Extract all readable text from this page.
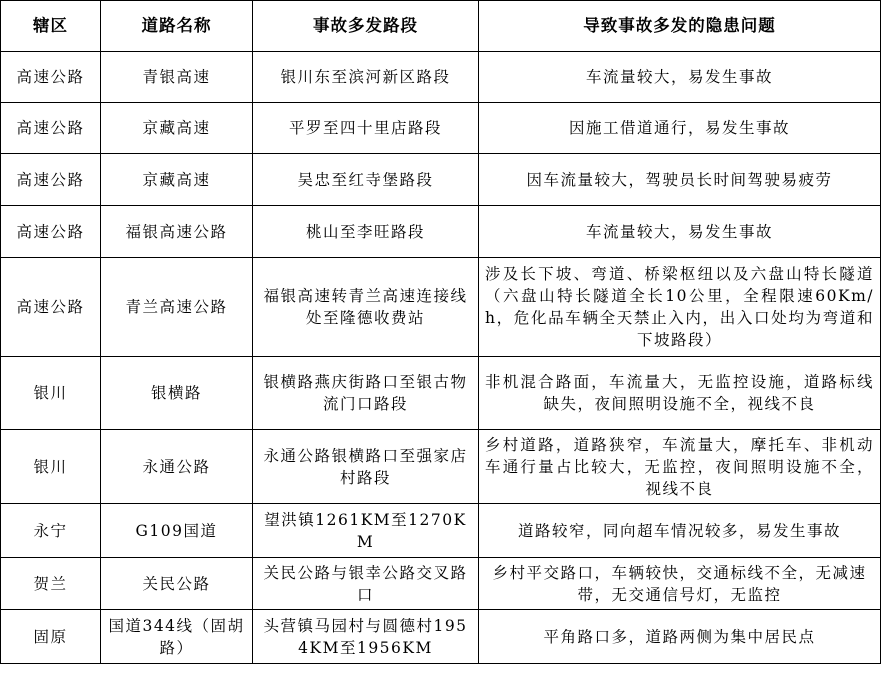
辖区	道路名称	事故多发路段	导致事故多发的隐患问题
高速公路	青银高速	银川东至滨河新区路段	车流量较大，易发生事故
高速公路	京藏高速	平罗至四十里店路段	因施工借道通行，易发生事故
高速公路	京藏高速	吴忠至红寺堡路段	因车流量较大，驾驶员长时间驾驶易疲劳
高速公路	福银高速公路	桃山至李旺路段	车流量较大，易发生事故
高速公路	青兰高速公路	福银高速转青兰高速连接线处至隆德收费站	涉及长下坡、弯道、桥梁枢纽以及六盘山特长隧道（六盘山特长隧道全长10公里，全程限速60Km/h，危化品车辆全天禁止入内，出入口处均为弯道和下坡路段）
银川	银横路	银横路燕庆街路口至银古物流门口路段	非机混合路面，车流量大，无监控设施，道路标线缺失，夜间照明设施不全，视线不良
银川	永通公路	永通公路银横路口至强家店村路段	乡村道路，道路狭窄，车流量大，摩托车、非机动车通行量占比较大，无监控，夜间照明设施不全，视线不良
永宁	G109国道	望洪镇1261KM至1270KM	道路较窄，同向超车情况较多，易发生事故
贺兰	关民公路	关民公路与银幸公路交叉路口	乡村平交路口，车辆较快，交通标线不全，无减速带，无交通信号灯，无监控
固原	国道344线（固胡路）	头营镇马园村与圆德村1954KM至1956KM	平角路口多，道路两侧为集中居民点
